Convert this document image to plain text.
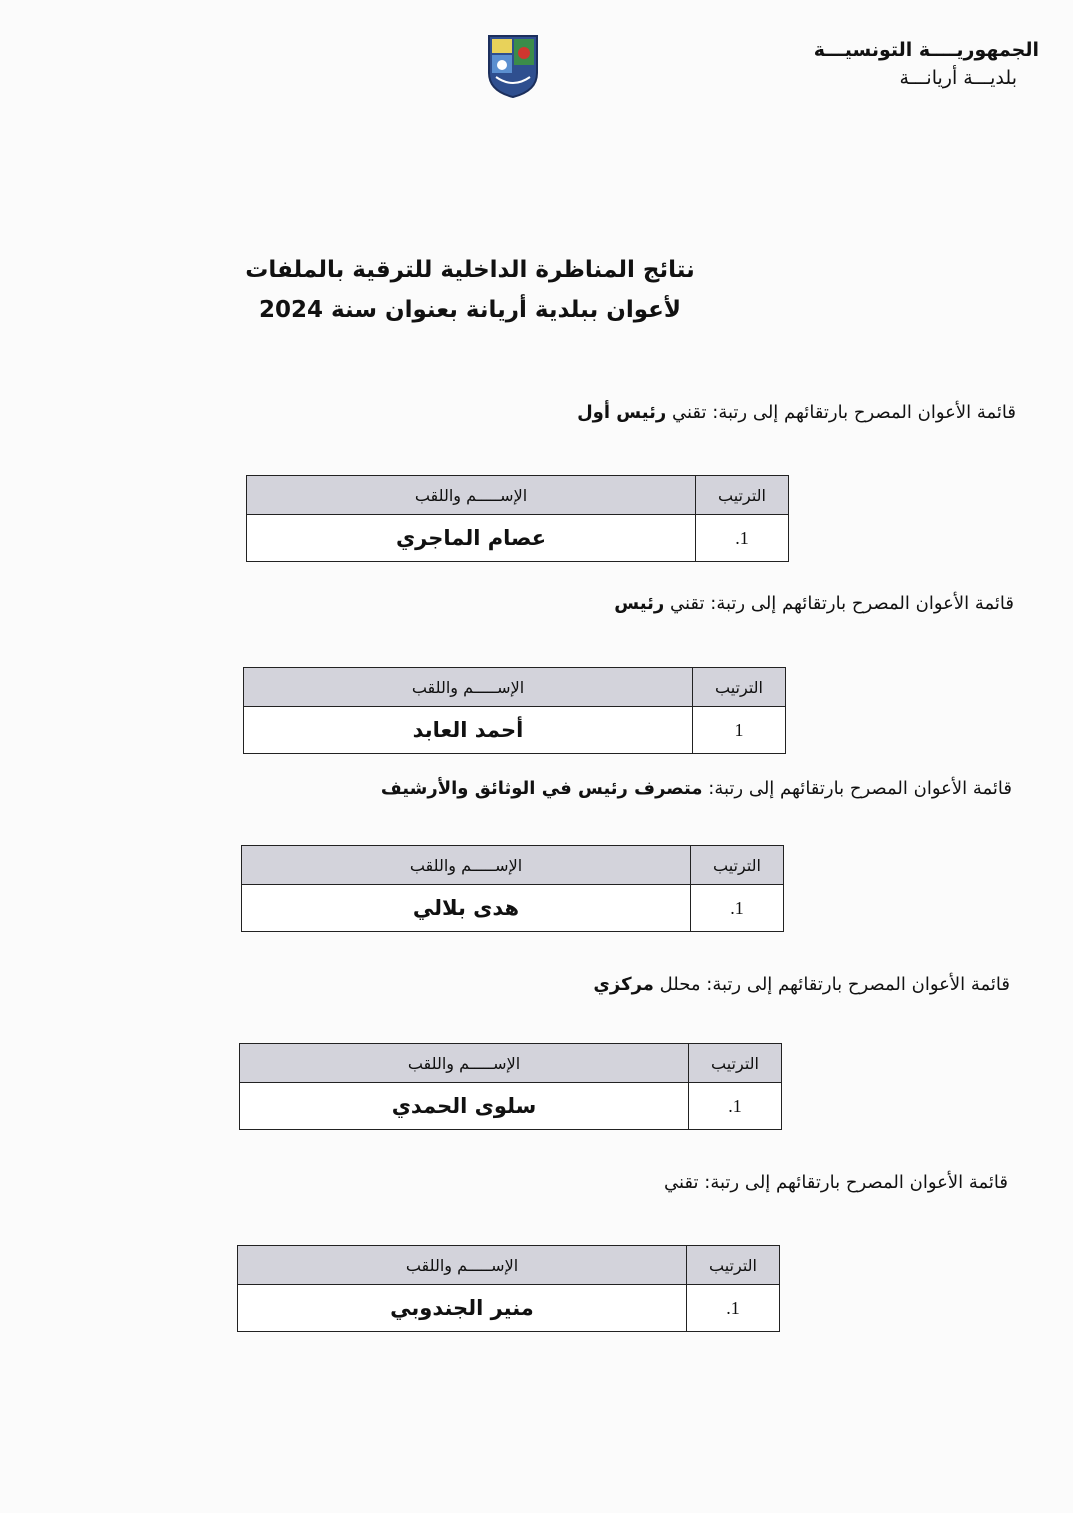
الجمهوريــــة التونسيـــة
بلديـــة أريانـــة
نتائج المناظرة الداخلية للترقية بالملفات
لأعوان ببلدية أريانة بعنوان سنة 2024
قائمة الأعوان المصرح بارتقائهم إلى رتبة: تقني رئيس أول
الترتيب	الإســـــم واللقب
1.	عصام الماجري
قائمة الأعوان المصرح بارتقائهم إلى رتبة: تقني رئيس
الترتيب	الإســـــم واللقب
1	أحمد العابد
قائمة الأعوان المصرح بارتقائهم إلى رتبة: متصرف رئيس في الوثائق والأرشيف
الترتيب	الإســـــم واللقب
1.	هدى بلالي
قائمة الأعوان المصرح بارتقائهم إلى رتبة: محلل مركزي
الترتيب	الإســـــم واللقب
1.	سلوى الحمدي
قائمة الأعوان المصرح بارتقائهم إلى رتبة: تقني
الترتيب	الإســـــم واللقب
1.	منير الجندوبي
